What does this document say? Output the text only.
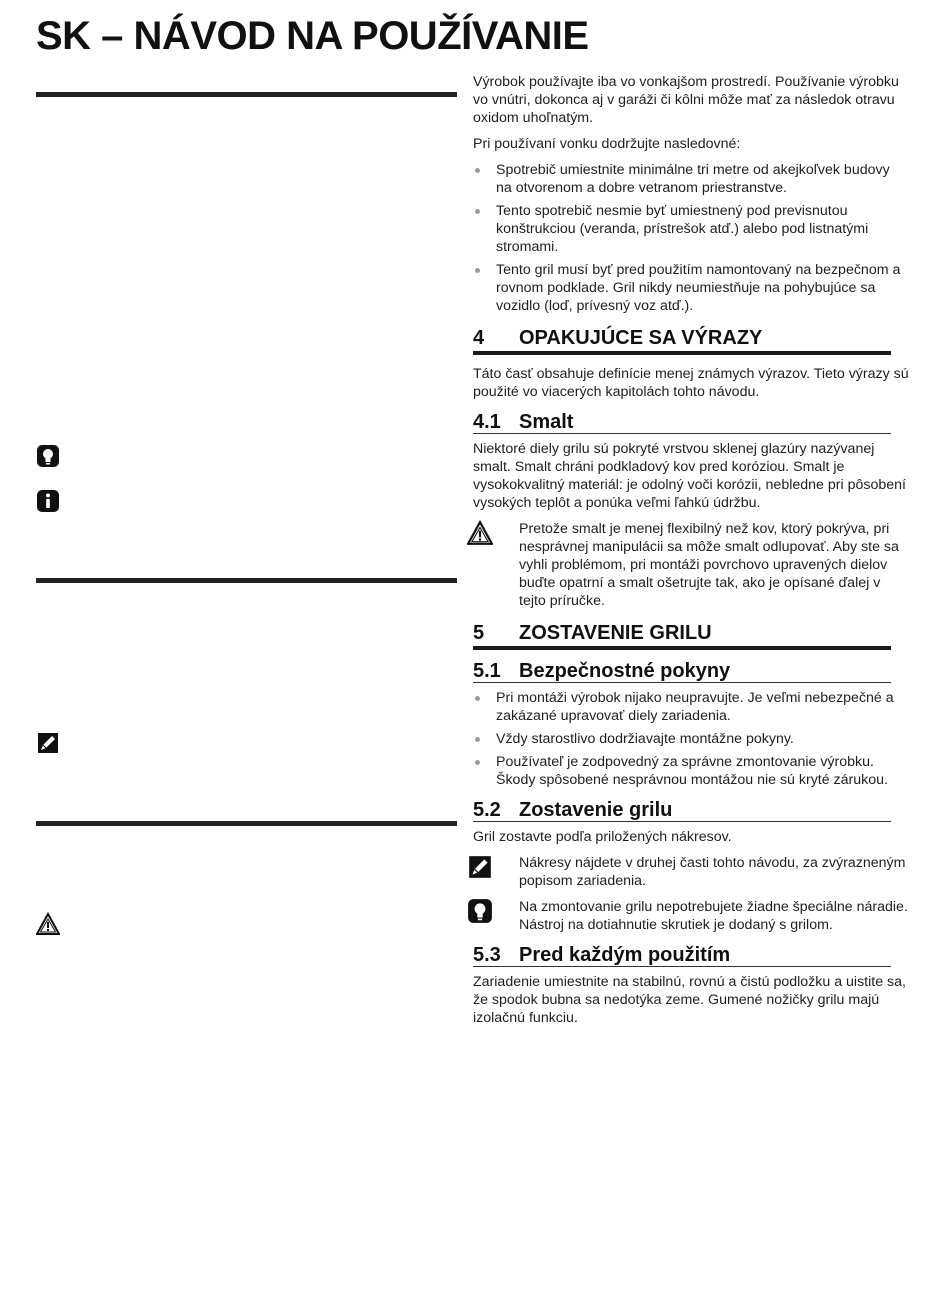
SK – NÁVOD NA POUŽÍVANIE

Výrobok používajte iba vo vonkajšom prostredí. Používanie výrobku vo vnútri, dokonca aj v garáži či kôlni môže mať za následok otravu oxidom uhoľnatým.

Pri používaní vonku dodržujte nasledovné:

Spotrebič umiestnite minimálne tri metre od akejkoľvek budovy na otvorenom a dobre vetranom priestranstve.
Tento spotrebič nesmie byť umiestnený pod previsnutou konštrukciou (veranda, prístrešok atď.) alebo pod listnatými stromami.
Tento gril musí byť pred použitím namontovaný na bezpečnom a rovnom podklade. Gril nikdy neumiestňuje na pohybujúce sa vozidlo (loď, prívesný voz atď.).
4	OPAKUJÚCE SA VÝRAZY

Táto časť obsahuje definície menej známych výrazov. Tieto výrazy sú použité vo viacerých kapitolách tohto návodu.

4.1 Smalt

Niektoré diely grilu sú pokryté vrstvou sklenej glazúry nazývanej smalt. Smalt chráni podkladový kov pred koróziou. Smalt je vysokokvalitný materiál: je odolný voči korózii, nebledne pri pôsobení vysokých teplôt a ponúka veľmi ľahkú údržbu.

Pretože smalt je menej flexibilný než kov, ktorý pokrýva, pri nesprávnej manipulácii sa môže smalt odlupovať. Aby ste sa vyhli problémom, pri montáži povrchovo upravených dielov buďte opatrní a smalt ošetrujte tak, ako je opísané ďalej v tejto príručke.
5	ZOSTAVENIE GRILU
5.1 Bezpečnostné pokyny
Pri montáži výrobok nijako neupravujte. Je veľmi nebezpečné a zakázané upravovať diely zariadenia.
Vždy starostlivo dodržiavajte montážne pokyny.
Používateľ je zodpovedný za správne zmontovanie výrobku. Škody spôsobené nesprávnou montážou nie sú kryté zárukou.
5.2 Zostavenie grilu

Gril zostavte podľa priložených nákresov.

Nákresy nájdete v druhej časti tohto návodu, za zvýrazneným popisom zariadenia.
Na zmontovanie grilu nepotrebujete žiadne špeciálne náradie. Nástroj na dotiahnutie skrutiek je dodaný s grilom.
5.3 Pred každým použitím

Zariadenie umiestnite na stabilnú, rovnú a čistú podložku a uistite sa, že spodok bubna sa nedotýka zeme. Gumené nožičky grilu majú izolačnú funkciu.
